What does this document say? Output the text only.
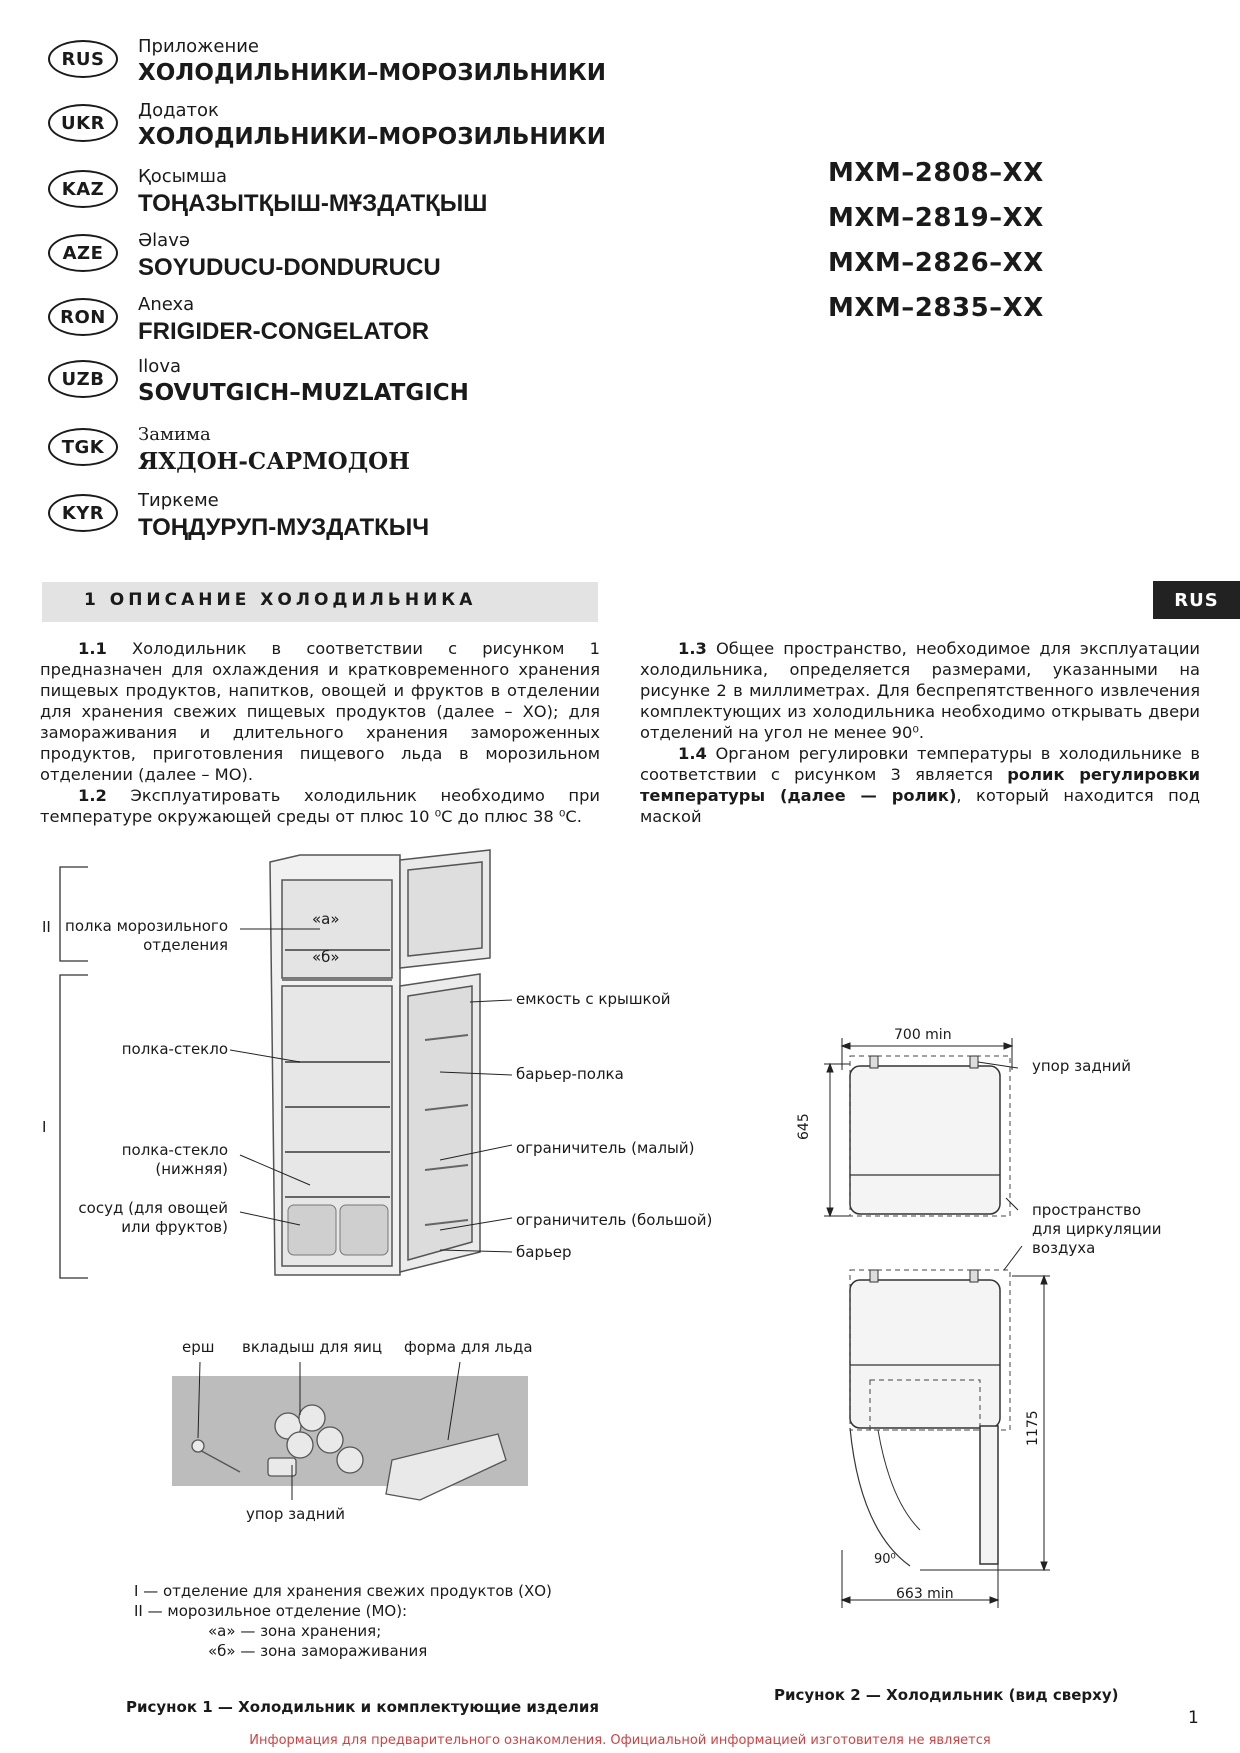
RUS
Приложение
ХОЛОДИЛЬНИКИ–МОРОЗИЛЬНИКИ
UKR
Додаток
ХОЛОДИЛЬНИКИ–МОРОЗИЛЬНИКИ
KAZ
Қосымша
ТОҢАЗЫТҚЫШ-МҰЗДАТҚЫШ
AZE
Əlavə
SOYUDUCU-DONDURUCU
RON
Anexa
FRIGIDER-CONGELATOR
UZB
Ilova
SOVUTGICH–MUZLATGICH
TGK
Замима
ЯХДОН-САРМОДОН
KYR
Тиркеме
ТОҢДУРУП-МУЗДАТКЫЧ
МХМ–2808–XX
МХМ–2819–XX
МХМ–2826–XX
МХМ–2835–XX
1 ОПИСАНИЕ ХОЛОДИЛЬНИКА	RUS

1.1 Холодильник в соответствии с рисунком 1 предназначен для охлаждения и кратковременного хранения пищевых продуктов, напитков, овощей и фруктов в отделении для хранения свежих пищевых продуктов (далее – ХО); для замораживания и длительного хранения замороженных продуктов, приготовления пищевого льда в морозильном отделении (далее – МО).

1.2 Эксплуатировать холодильник необходимо при температуре окружающей среды от плюс 10 ⁰С до плюс 38 ⁰С.

1.3 Общее пространство, необходимое для эксплуатации холодильника, определяется размерами, указанными на рисунке 2 в миллиметрах. Для беспрепятственного извлечения комплектующих из холодильника необходимо открывать двери отделений на угол не менее 90⁰.

1.4 Органом регулировки температуры в холодильнике в соответствии с рисунком 3 является ролик регулировки температуры (далее — ролик), который находится под маской

II
I
полка морозильного
отделения
«а»
«б»
полка-стекло
полка-стекло
(нижняя)
сосуд (для овощей
или фруктов)
емкость с крышкой
барьер-полка
ограничитель (малый)
ограничитель (большой)
барьер
ерш вкладыш для яиц форма для льда
упор задний
I — отделение для хранения свежих продуктов (ХО)
II — морозильное отделение (МО):
«а» — зона хранения;
«б» — зона замораживания
Рисунок 1 — Холодильник и комплектующие изделия
700 min
645
упор задний
пространство
для циркуляции
воздуха
1175
90⁰
663 min
Рисунок 2 — Холодильник (вид сверху)
1
Информация для предварительного ознакомления. Официальной информацией изготовителя не является
